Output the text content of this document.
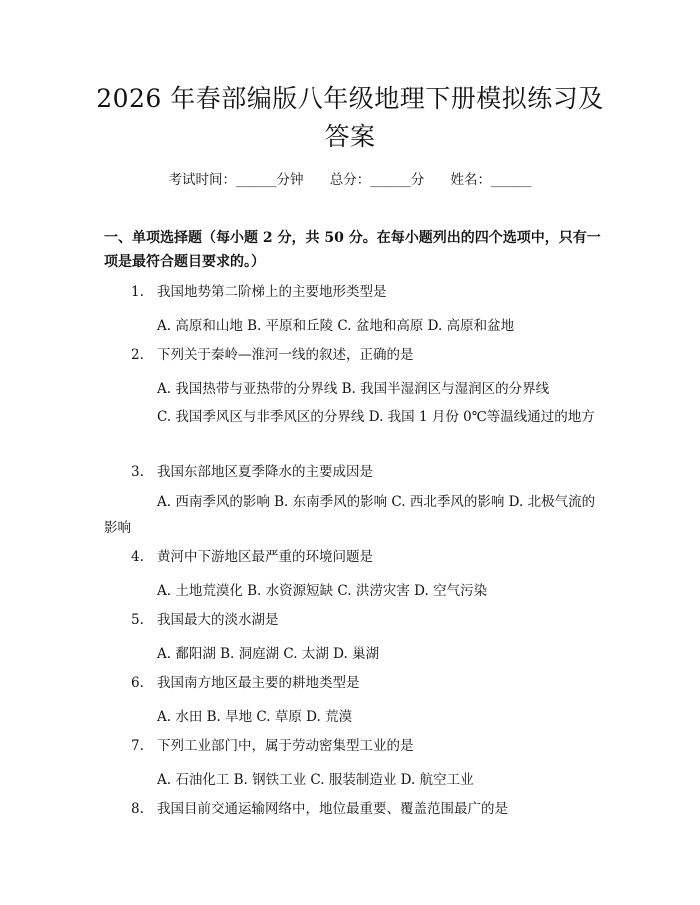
2026 年春部编版八年级地理下册模拟练习及
答案
考试时间：______分钟 总分：______分 姓名：______
一、单项选择题（每小题 2 分，共 50 分。在每小题列出的四个选项中，只有一项是最符合题目要求的。）
1. 我国地势第二阶梯上的主要地形类型是
A. 高原和山地 B. 平原和丘陵 C. 盆地和高原 D. 高原和盆地
2. 下列关于秦岭—淮河一线的叙述，正确的是
A. 我国热带与亚热带的分界线 B. 我国半湿润区与湿润区的分界线
C. 我国季风区与非季风区的分界线 D. 我国 1 月份 0℃等温线通过的地方
3. 我国东部地区夏季降水的主要成因是
A. 西南季风的影响 B. 东南季风的影响 C. 西北季风的影响 D. 北极气流的影响
4. 黄河中下游地区最严重的环境问题是
A. 土地荒漠化 B. 水资源短缺 C. 洪涝灾害 D. 空气污染
5. 我国最大的淡水湖是
A. 鄱阳湖 B. 洞庭湖 C. 太湖 D. 巢湖
6. 我国南方地区最主要的耕地类型是
A. 水田 B. 旱地 C. 草原 D. 荒漠
7. 下列工业部门中，属于劳动密集型工业的是
A. 石油化工 B. 钢铁工业 C. 服装制造业 D. 航空工业
8. 我国目前交通运输网络中，地位最重要、覆盖范围最广的是
